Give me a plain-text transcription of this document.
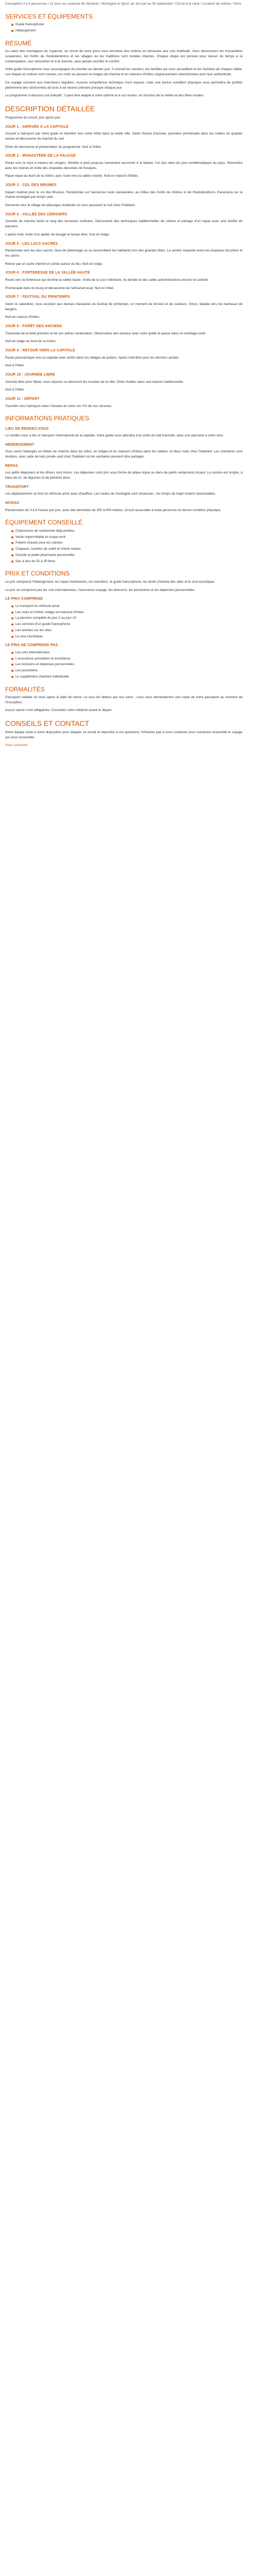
Conception 2 à 6 personnes / 11 jours au royaume de Sylvanie / Montagne et Sport, du 1er juin au 30 septembre / Circuit à la carte / Location de voiture / Terre

SERVICES ET ÉQUIPEMENTS
Guide francophone
Hébergement
RÉSUMÉ

Au cœur des montagnes du royaume, ce circuit de onze jours vous emmène des rizières en terrasses aux cols d'altitude. Vous découvrirez les monastères suspendus, les forêts de rhododendrons et les villages où les traditions sont restées intactes. Chaque étape est pensée pour laisser du temps à la contemplation, aux rencontres et à la marche, sans jamais sacrifier le confort.

Votre guide francophone vous accompagne du premier au dernier jour. Il connaît les sentiers, les familles qui vous accueillent et les histoires de chaque vallée. Les étapes en voiture sont courtes, les nuits se passent en lodges de charme et en maisons d'hôtes soigneusement sélectionnées pour leur authenticité.

Ce voyage convient aux marcheurs réguliers. Aucune compétence technique n'est requise, mais une bonne condition physique vous permettra de profiter pleinement des randonnées de trois à six heures prévues presque chaque jour.

Le programme ci-dessous est indicatif : il peut être adapté à votre rythme et à vos envies, en fonction de la météo et des fêtes locales.

DESCRIPTION DÉTAILLÉE

Programme du circuit, jour après jour.

JOUR 1 : ARRIVÉE À LA CAPITALE

Accueil à l'aéroport par votre guide et transfert vers votre hôtel dans la vieille ville. Selon l'heure d'arrivée, première promenade dans les ruelles du quartier ancien et découverte du marché du soir.

Dîner de bienvenue et présentation du programme. Nuit à l'hôtel.

JOUR 2 : MONASTÈRE DE LA FALAISE

Route vers le nord à travers les vergers. Montée à pied jusqu'au monastère accroché à la falaise, l'un des sites les plus emblématiques du pays. Rencontre avec les moines et visite des chapelles décorées de fresques.

Pique-nique au bord de la rivière, puis route vers la vallée voisine. Nuit en maison d'hôtes.

JOUR 3 : COL DES BRUMES

Départ matinal pour le col des Brumes. Randonnée sur l'ancienne route caravanière, au milieu des forêts de chênes et de rhododendrons. Panorama sur la chaîne enneigée par temps clair.

Descente vers le village de pâturages d'altitude où vous passerez la nuit chez l'habitant.

JOUR 4 : VALLÉE DES CERISIERS

Journée de marche facile le long des terrasses cultivées. Découverte des techniques traditionnelles de culture et partage d'un repas avec une famille de paysans.

L'après-midi, visite d'un atelier de tissage et temps libre. Nuit en lodge.

JOUR 5 : LES LACS SACRÉS

Randonnée vers les lacs sacrés, lieux de pèlerinage où se rassemblent les habitants lors des grandes fêtes. Le sentier serpente entre les drapeaux de prière et les cairns.

Retour par un autre chemin et soirée autour du feu. Nuit en lodge.

JOUR 6 : FORTERESSE DE LA VALLÉE HAUTE

Route vers la forteresse qui domine la vallée haute. Visite de la cour intérieure, du temple et des salles administratives encore en activité.

Promenade dans le bourg et découverte de l'artisanat local. Nuit en hôtel.

JOUR 7 : FESTIVAL DU PRINTEMPS

Selon le calendrier, vous assistez aux danses masquées du festival de printemps, un moment de ferveur et de couleurs. Sinon, balade vers les hameaux de bergers.

Nuit en maison d'hôtes.

JOUR 8 : FORÊT DES ANCIENS

Traversée de la forêt primaire et de ses arbres centenaires. Observation des oiseaux avec votre guide et pause dans un ermitage isolé.

Nuit en lodge au bord de la rivière.

JOUR 9 : RETOUR VERS LA CAPITALE

Route panoramique vers la capitale avec arrêts dans les villages de potiers. Après-midi libre pour les derniers achats.

Nuit à l'hôtel.

JOUR 10 : JOURNÉE LIBRE

Journée libre pour flâner, vous reposer ou découvrir les musées de la ville. Dîner d'adieu dans une maison traditionnelle.

Nuit à l'hôtel.

JOUR 11 : DÉPART

Transfert vers l'aéroport selon l'horaire de votre vol. Fin de nos services.

INFORMATIONS PRATIQUES
LIEU DE RENDEZ-VOUS

Le rendez-vous a lieu à l'aéroport international de la capitale. Votre guide vous attendra à la sortie du hall d'arrivée, avec une pancarte à votre nom.

HÉBERGEMENT

Vous serez hébergés en hôtels de charme dans les villes, en lodges et en maisons d'hôtes dans les vallées, et deux nuits chez l'habitant. Les chambres sont doubles, avec salle de bain privée sauf chez l'habitant où les sanitaires peuvent être partagés.

REPAS

Les petits déjeuners et les dîners sont inclus. Les déjeuners sont pris sous forme de pique-nique ou dans de petits restaurants locaux. La cuisine est simple, à base de riz, de légumes et de piments doux.

TRANSPORT

Les déplacements se font en véhicule privé avec chauffeur. Les routes de montagne sont sinueuses ; les temps de trajet restent raisonnables.

NIVEAU

Randonnées de 3 à 6 heures par jour, avec des dénivelés de 300 à 800 mètres. Circuit accessible à toute personne en bonne condition physique.

ÉQUIPEMENT CONSEILLÉ
Chaussures de randonnée déjà portées
Veste imperméable et coupe-vent
Polaire chaude pour les soirées
Chapeau, lunettes de soleil et crème solaire
Gourde et petite pharmacie personnelle
Sac à dos de 25 à 30 litres
PRIX ET CONDITIONS

Le prix comprend l'hébergement, les repas mentionnés, les transferts, le guide francophone, les droits d'entrée des sites et le visa touristique.

Le prix ne comprend pas les vols internationaux, l'assurance voyage, les boissons, les pourboires et les dépenses personnelles.

LE PRIX COMPREND
Le transport en véhicule privé
Les nuits en hôtels, lodges et maisons d'hôtes
La pension complète du jour 2 au jour 10
Les services d'un guide francophone
Les entrées sur les sites
Le visa touristique
LE PRIX NE COMPREND PAS
Les vols internationaux
L'assurance annulation et assistance
Les boissons et dépenses personnelles
Les pourboires
Le supplément chambre individuelle
FORMALITÉS

Passeport valable six mois après la date de retour. Le visa est obtenu par nos soins ; nous vous demanderons une copie de votre passeport au moment de l'inscription.

Aucun vaccin n'est obligatoire. Consultez votre médecin avant le départ.

CONSEILS ET CONTACT

Notre équipe reste à votre disposition pour adapter ce circuit et répondre à vos questions. N'hésitez pas à nous contacter pour construire ensemble le voyage qui vous ressemble.

Nous contacter
